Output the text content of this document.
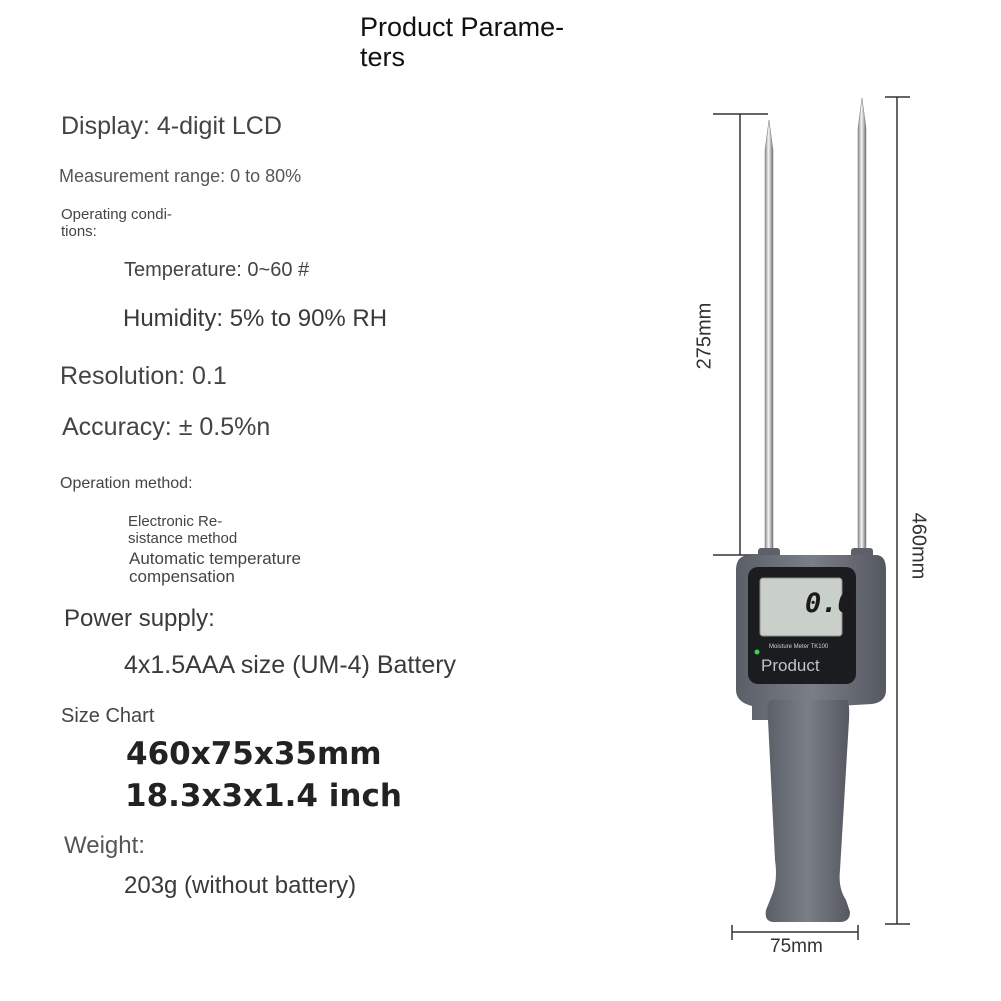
Product Parame-
ters
Display: 4-digit LCD
Measurement range: 0 to 80%
Operating condi-
tions:
Temperature: 0~60 #
Humidity: 5% to 90% RH
Resolution: 0.1
Accuracy: ± 0.5%n
Operation method:
Electronic Re-
sistance method
Automatic temperature
compensation
Power supply:
4x1.5AAA size (UM-4) Battery
Size Chart
460x75x35mm
18.3x3x1.4 inch
Weight:
203g (without battery)
0.0
Moisture Meter TK100
Product
275mm
460mm
75mm
